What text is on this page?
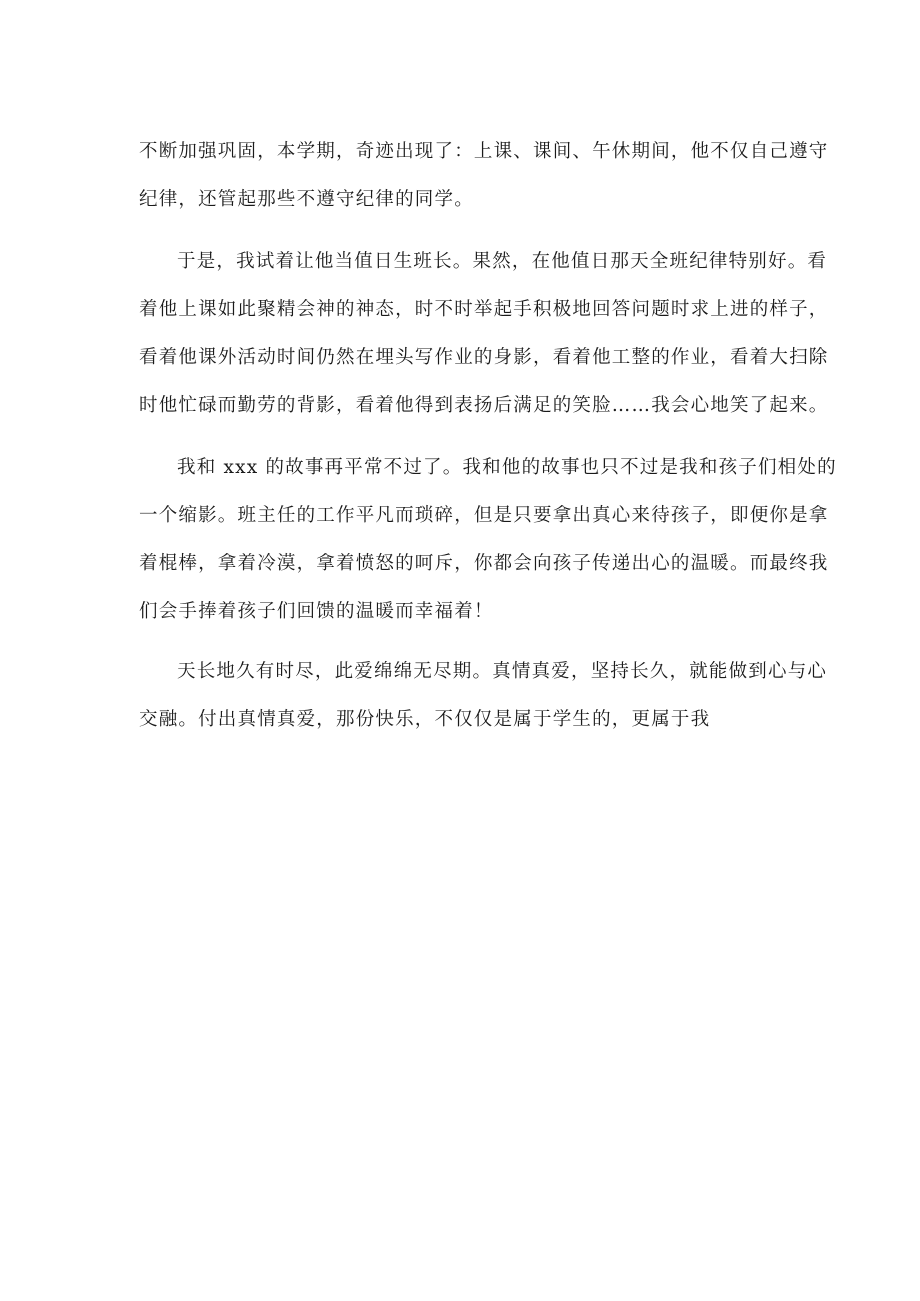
不断加强巩固，本学期，奇迹出现了：上课、课间、午休期间，他不仅自己遵守
纪律，还管起那些不遵守纪律的同学。
于是，我试着让他当值日生班长。果然，在他值日那天全班纪律特别好。看
着他上课如此聚精会神的神态，时不时举起手积极地回答问题时求上进的样子，
看着他课外活动时间仍然在埋头写作业的身影，看着他工整的作业，看着大扫除
时他忙碌而勤劳的背影，看着他得到表扬后满足的笑脸……我会心地笑了起来。
我和 xxx 的故事再平常不过了。我和他的故事也只不过是我和孩子们相处的
一个缩影。班主任的工作平凡而琐碎，但是只要拿出真心来待孩子，即便你是拿
着棍棒，拿着冷漠，拿着愤怒的呵斥，你都会向孩子传递出心的温暖。而最终我
们会手捧着孩子们回馈的温暖而幸福着！
天长地久有时尽，此爱绵绵无尽期。真情真爱，坚持长久，就能做到心与心
交融。付出真情真爱，那份快乐，不仅仅是属于学生的，更属于我
